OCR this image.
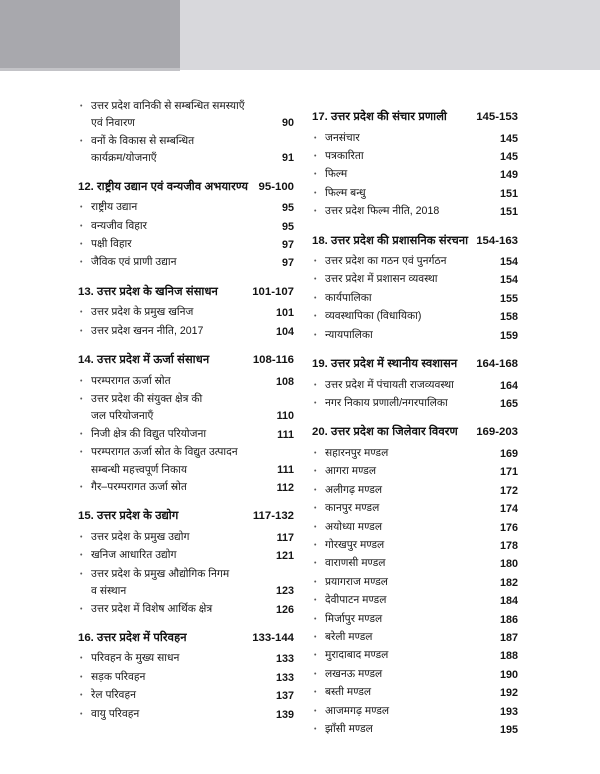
• उत्तर प्रदेश वानिकी से सम्बन्धित समस्याएँ
एवं निवारण	90
• वनों के विकास से सम्बन्धित
कार्यक्रम/योजनाएँ	91
12. राष्ट्रीय उद्यान एवं वन्यजीव अभयारण्य 95-100
• राष्ट्रीय उद्यान	95
• वन्यजीव विहार	95
• पक्षी विहार	97
• जैविक एवं प्राणी उद्यान	97
13. उत्तर प्रदेश के खनिज संसाधन	101-107
• उत्तर प्रदेश के प्रमुख खनिज	101
• उत्तर प्रदेश खनन नीति, 2017	104
14. उत्तर प्रदेश में ऊर्जा संसाधन	108-116
• परम्परागत ऊर्जा स्रोत	108
• उत्तर प्रदेश की संयुक्त क्षेत्र की
जल परियोजनाएँ	110
• निजी क्षेत्र की विद्युत परियोजना	111
• परम्परागत ऊर्जा स्रोत के विद्युत उत्पादन
सम्बन्धी महत्त्वपूर्ण निकाय	111
• गैर–परम्परागत ऊर्जा स्रोत	112
15. उत्तर प्रदेश के उद्योग	117-132
• उत्तर प्रदेश के प्रमुख उद्योग	117
• खनिज आधारित उद्योग	121
• उत्तर प्रदेश के प्रमुख औद्योगिक निगम
व संस्थान	123
• उत्तर प्रदेश में विशेष आर्थिक क्षेत्र	126
16. उत्तर प्रदेश में परिवहन	133-144
• परिवहन के मुख्य साधन	133
• सड़क परिवहन	133
• रेल परिवहन	137
• वायु परिवहन	139
17. उत्तर प्रदेश की संचार प्रणाली	145-153
• जनसंचार	145
• पत्रकारिता	145
• फिल्म	149
• फिल्म बन्धु	151
• उत्तर प्रदेश फिल्म नीति, 2018	151
18. उत्तर प्रदेश की प्रशासनिक संरचना 154-163
• उत्तर प्रदेश का गठन एवं पुनर्गठन	154
• उत्तर प्रदेश में प्रशासन व्यवस्था	154
• कार्यपालिका	155
• व्यवस्थापिका (विधायिका)	158
• न्यायपालिका	159
19. उत्तर प्रदेश में स्थानीय स्वशासन	164-168
• उत्तर प्रदेश में पंचायती राजव्यवस्था	164
• नगर निकाय प्रणाली/नगरपालिका	165
20. उत्तर प्रदेश का जिलेवार विवरण	169-203
• सहारनपुर मण्डल	169
• आगरा मण्डल	171
• अलीगढ़ मण्डल	172
• कानपुर मण्डल	174
• अयोध्या मण्डल	176
• गोरखपुर मण्डल	178
• वाराणसी मण्डल	180
• प्रयागराज मण्डल	182
• देवीपाटन मण्डल	184
• मिर्जापुर मण्डल	186
• बरेली मण्डल	187
• मुरादाबाद मण्डल	188
• लखनऊ मण्डल	190
• बस्ती मण्डल	192
• आजमगढ़ मण्डल	193
• झाँसी मण्डल	195
